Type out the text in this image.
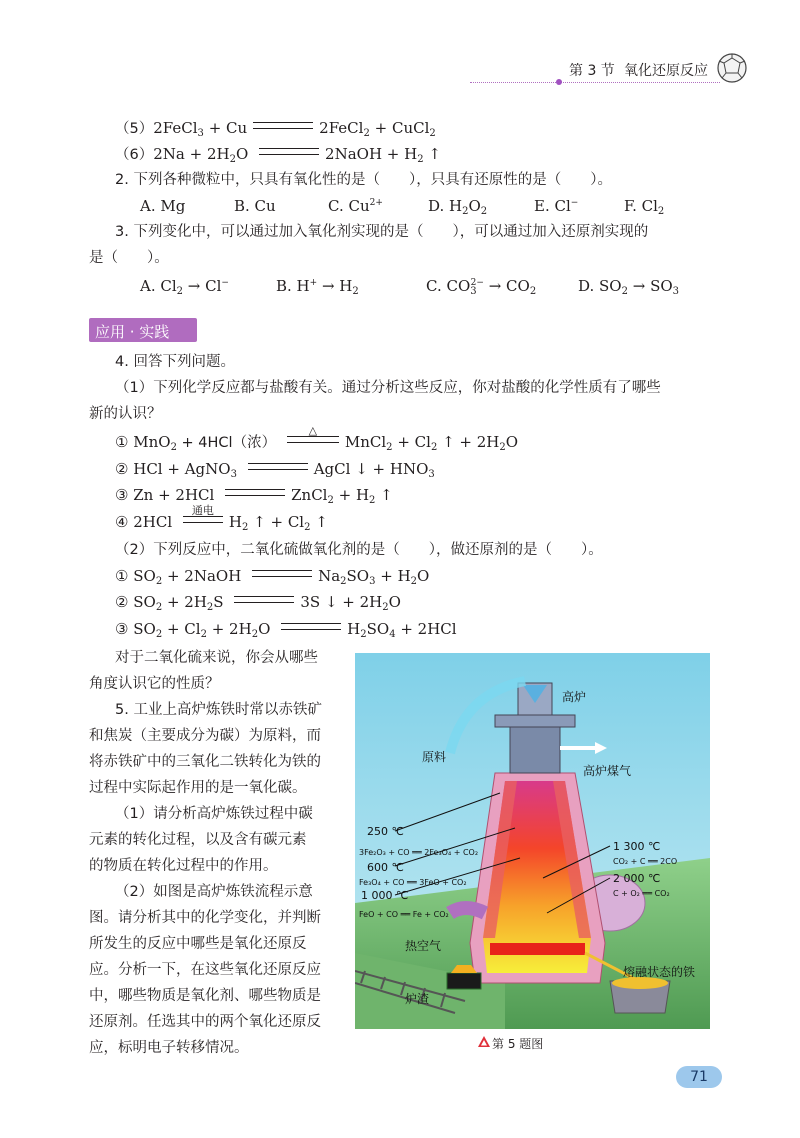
第 3 节 氧化还原反应
（5）2FeCl$_3$ + Cu	2FeCl$_2$ + CuCl$_2$
$(6)2Na + 2H_2O$	2NaOH + $H_2$ ↑
2. 下列各种微粒中，只具有氧化性的是（　　），只具有还原性的是（　　）。
A. Mg	B. Cu	C. $Cu^{2+}$	D. $H_2O_2$	E. Cl−	F. $Cl_2$
3. 下列变化中，可以通过加入氧化剂实现的是（　　），可以通过加入还原剂实现的
是（　　）。
A. $Cl_2 \to Cl^-$	B. $H^+ \to H_2$	C. $CO_3^{2-} \to CO_2$	D. $SO_2 \to SO_3$
应用 · 实践
4. 回答下列问题。
（1）下列化学反应都与盐酸有关。通过分析这些反应，你对盐酸的化学性质有了哪些
新的认识？
① MnO$_2$ + 4HCl（浓）
△
MnCl$_2$ + $Cl_2$ ↑ + $2H_2O$
② HCl + AgNO$_3$	AgCl ↓ + $HNO_3$
③ Zn + 2HCl	ZnCl$_2$ + $H_2$ ↑
④ 2HCl
通电
$H_2$ ↑ + $Cl_2$ ↑
（2）下列反应中，二氧化硫做氧化剂的是（　　），做还原剂的是（　　）。
① $SO_2$ + 2NaOH	$Na_2SO_3 + H_2O$
② $SO_2 + 2H_2S$	3S ↓ + $2H_2O$
③ $SO_2 + Cl_2 + 2H_2O$	$H_2SO_4 + 2HCl$
对于二氧化硫来说，你会从哪些
角度认识它的性质？
5. 工业上高炉炼铁时常以赤铁矿
和焦炭（主要成分为碳）为原料，而
将赤铁矿中的三氧化二铁转化为铁的
过程中实际起作用的是一氧化碳。
（1）请分析高炉炼铁过程中碳
元素的转化过程，以及含有碳元素
的物质在转化过程中的作用。
（2）如图是高炉炼铁流程示意
图。请分析其中的化学变化，并判断
所发生的反应中哪些是氧化还原反
应。分析一下，在这些氧化还原反应
中，哪些物质是氧化剂、哪些物质是
还原剂。任选其中的两个氧化还原反
应，标明电子转移情况。
高炉
原料
高炉煤气
250 ℃
3Fe₂O₃ + CO ══ 2Fe₃O₄ + CO₂
600 ℃
Fe₃O₄ + CO ══ 3FeO + CO₂
1 000 ℃
FeO + CO ══ Fe + CO₂
1 300 ℃
CO₂ + C ══ 2CO
2 000 ℃
C + O₂ ══ CO₂
热空气
炉渣
熔融状态的铁
第 5 题图
71
